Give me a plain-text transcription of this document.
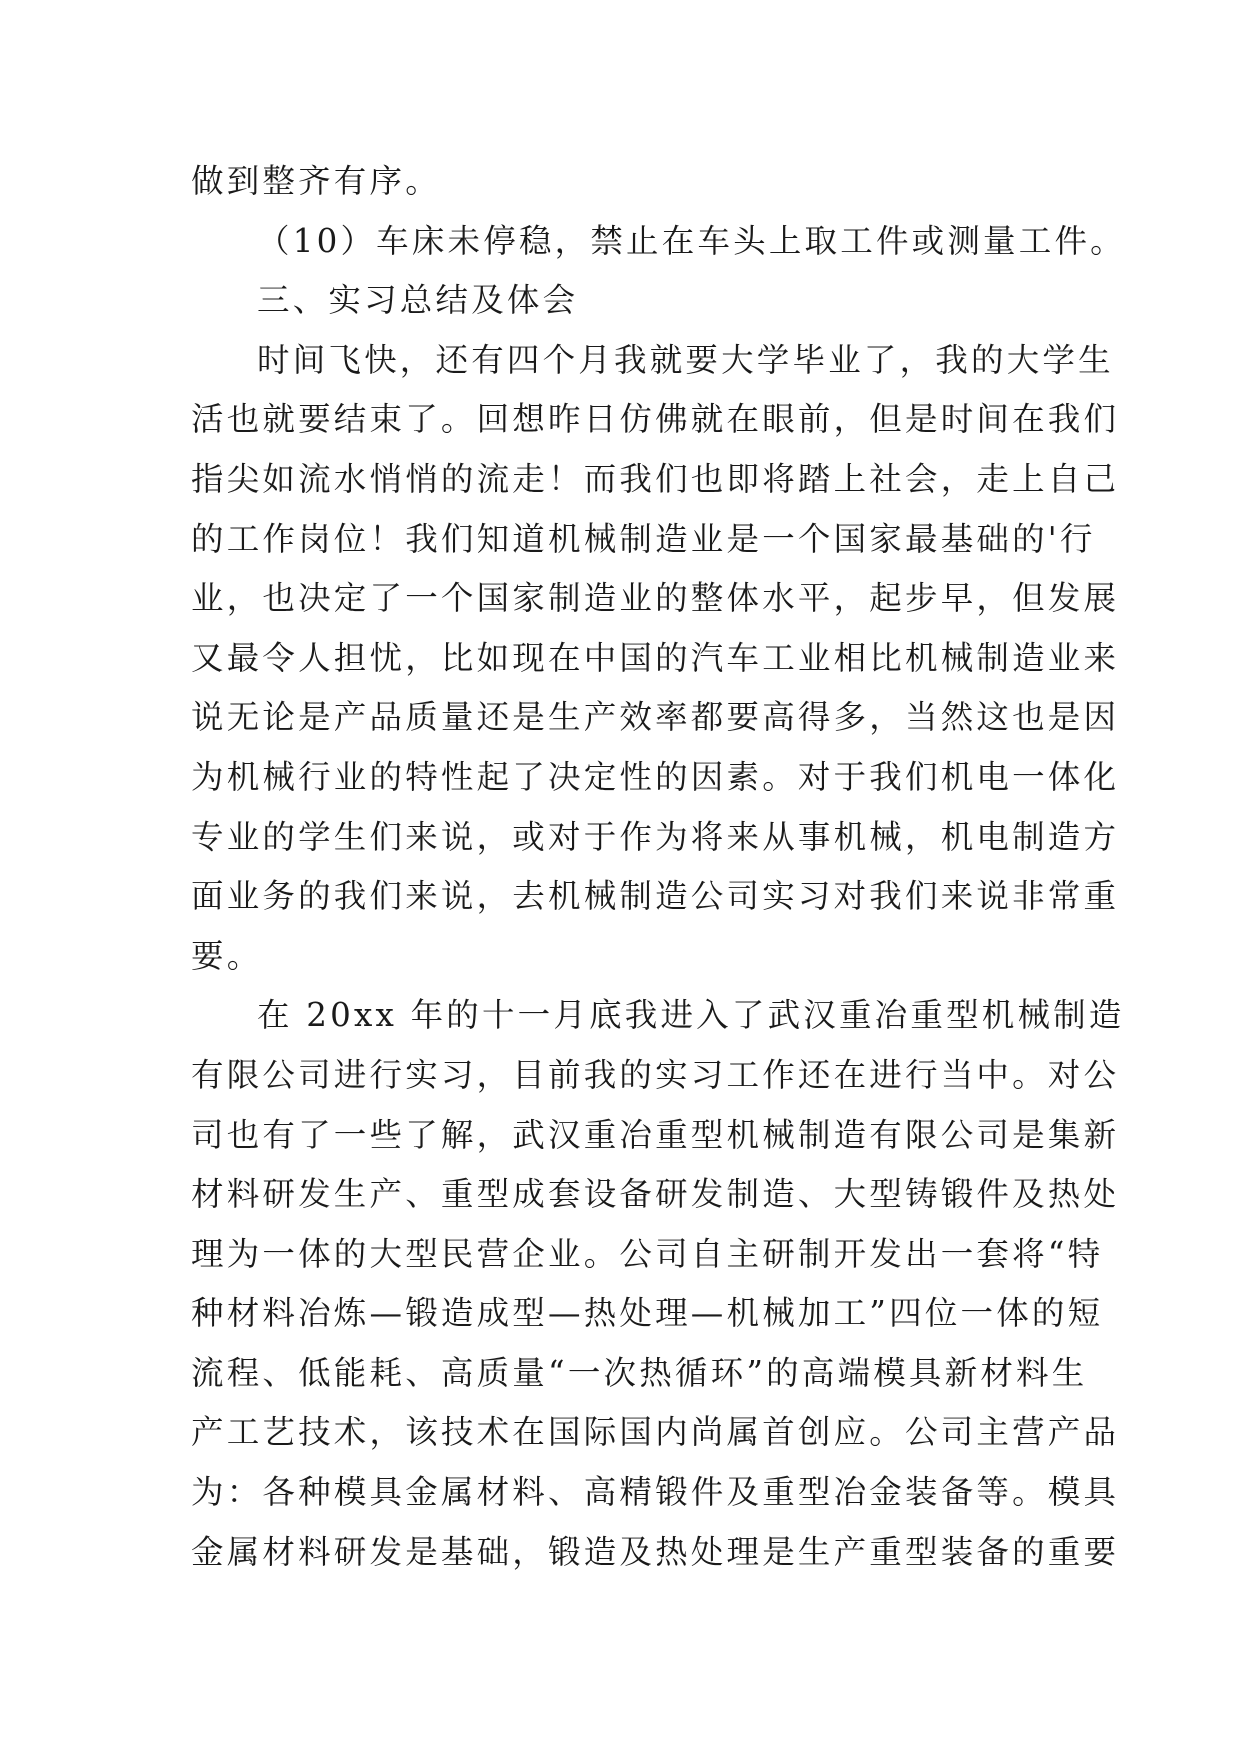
做到整齐有序。
（10）车床未停稳，禁止在车头上取工件或测量工件。
三、实习总结及体会
时间飞快，还有四个月我就要大学毕业了，我的大学生
活也就要结束了。回想昨日仿佛就在眼前，但是时间在我们
指尖如流水悄悄的流走！而我们也即将踏上社会，走上自己
的工作岗位！我们知道机械制造业是一个国家最基础的'行
业，也决定了一个国家制造业的整体水平，起步早，但发展
又最令人担忧，比如现在中国的汽车工业相比机械制造业来
说无论是产品质量还是生产效率都要高得多，当然这也是因
为机械行业的特性起了决定性的因素。对于我们机电一体化
专业的学生们来说，或对于作为将来从事机械，机电制造方
面业务的我们来说，去机械制造公司实习对我们来说非常重
要。
在 20xx 年的十一月底我进入了武汉重冶重型机械制造
有限公司进行实习，目前我的实习工作还在进行当中。对公
司也有了一些了解，武汉重冶重型机械制造有限公司是集新
材料研发生产、重型成套设备研发制造、大型铸锻件及热处
理为一体的大型民营企业。公司自主研制开发出一套将“特
种材料冶炼—锻造成型—热处理—机械加工”四位一体的短
流程、低能耗、高质量“一次热循环”的高端模具新材料生
产工艺技术，该技术在国际国内尚属首创应。公司主营产品
为：各种模具金属材料、高精锻件及重型冶金装备等。模具
金属材料研发是基础，锻造及热处理是生产重型装备的重要
